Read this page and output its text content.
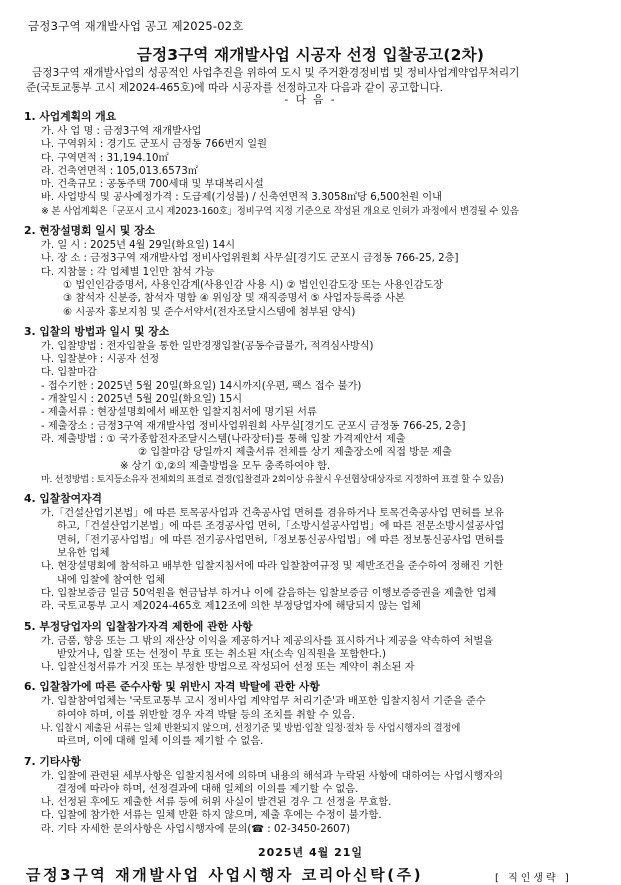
금정3구역 재개발사업 공고 제2025-02호
금정3구역 재개발사업 시공자 선정 입찰공고(2차)
금정3구역 재개발사업의 성공적인 사업추진을 위하여 도시 및 주거환경정비법 및 정비사업계약업무처리기
준(국토교통부 고시 제2024-465호)에 따라 시공자를 선정하고자 다음과 같이 공고합니다.
- 다 음 -
1. 사업계획의 개요
가. 사 업 명 : 금정3구역 재개발사업
나. 구역위치 : 경기도 군포시 금정동 766번지 일원
다. 구역면적 : 31,194.10㎡
라. 건축연면적 : 105,013.6573㎡
마. 건축규모 : 공동주택 700세대 및 부대복리시설
바. 사업방식 및 공사예정가격 : 도급제(기성불) / 신축연면적 3.3058㎡당 6,500천원 이내
※ 본 사업계획은「군포시 고시 제2023-160호」정비구역 지정 기준으로 작성된 개요로 인허가 과정에서 변경될 수 있음
2. 현장설명회 일시 및 장소
가. 일 시 : 2025년 4월 29일(화요일) 14시
나. 장 소 : 금정3구역 재개발사업 정비사업위원회 사무실[경기도 군포시 금정동 766-25, 2층]
다. 지참물 : 각 업체별 1인만 참석 가능
① 법인인감증명서, 사용인감계(사용인감 사용 시) ② 법인인감도장 또는 사용인감도장
③ 참석자 신분증, 참석자 명함 ④ 위임장 및 재직증명서 ⑤ 사업자등록증 사본
⑥ 시공자 홍보지침 및 준수서약서(전자조달시스템에 첨부된 양식)
3. 입찰의 방법과 일시 및 장소
가. 입찰방법 : 전자입찰을 통한 일반경쟁입찰(공동수급불가, 적격심사방식)
나. 입찰분야 : 시공자 선정
다. 입찰마감
- 접수기한 : 2025년 5월 20일(화요일) 14시까지(우편, 팩스 접수 불가)
- 개찰일시 : 2025년 5월 20일(화요일) 15시
- 제출서류 : 현장설명회에서 배포한 입찰지침서에 명기된 서류
- 제출장소 : 금정3구역 재개발사업 정비사업위원회 사무실[경기도 군포시 금정동 766-25, 2층]
라. 제출방법 : ① 국가종합전자조달시스템(나라장터)를 통해 입찰 가격제안서 제출
② 입찰마감 당일까지 제출서류 전체를 상기 제출장소에 직접 방문 제출
※ 상기 ①,②의 제출방법을 모두 충족하여야 함.
마. 선정방법 : 토지등소유자 전체회의 표결로 결정(입찰결과 2회이상 유찰시 우선협상대상자로 지정하여 표결 할 수 있음)
4. 입찰참여자격
가.「건설산업기본법」에 따른 토목공사업과 건축공사업 면허를 겸유하거나 토목건축공사업 면허를 보유
하고,「건설산업기본법」에 따른 조경공사업 면허,「소방시설공사업법」에 따른 전문소방시설공사업
면허,「전기공사업법」에 따른 전기공사업면허,「정보통신공사업법」에 따른 정보통신공사업 면허를
보유한 업체
나. 현장설명회에 참석하고 배부한 입찰지침서에 따라 입찰참여규정 및 제반조건을 준수하여 정해진 기한
내에 입찰에 참여한 업체
다. 입찰보증금 일금 50억원을 현금납부 하거나 이에 갈음하는 입찰보증금 이행보증증권을 제출한 업체
라. 국토교통부 고시 제2024-465호 제12조에 의한 부정당업자에 해당되지 않는 업체
5. 부정당업자의 입찰참가자격 제한에 관한 사항
가. 금품, 향응 또는 그 밖의 재산상 이익을 제공하거나 제공의사를 표시하거나 제공을 약속하여 처벌을
받았거나, 입찰 또는 선정이 무효 또는 취소된 자(소속 임직원을 포함한다.)
나. 입찰신청서류가 거짓 또는 부정한 방법으로 작성되어 선정 또는 계약이 취소된 자
6. 입찰참가에 따른 준수사항 및 위반시 자격 박탈에 관한 사항
가. 입찰참여업체는 '국토교통부 고시 정비사업 계약업무 처리기준'과 배포한 입찰지침서 기준을 준수
하여야 하며, 이를 위반할 경우 자격 박탈 등의 조치를 취할 수 있음.
나. 입찰시 제출된 서류는 일체 반환되지 않으며, 선정기준 및 방법·입찰 일정·절차 등 사업시행자의 결정에
따르며, 이에 대해 일체 이의를 제기할 수 없음.
7. 기타사항
가. 입찰에 관련된 세부사항은 입찰지침서에 의하며 내용의 해석과 누락된 사항에 대하여는 사업시행자의
결정에 따라야 하며, 선정결과에 대해 일체의 이의를 제기할 수 없음.
나. 선정된 후에도 제출한 서류 등에 허위 사실이 발견된 경우 그 선정을 무효함.
다. 입찰에 참가한 서류는 일체 반환 하지 않으며, 제출 후에는 수정이 불가함.
라. 기타 자세한 문의사항은 사업시행자에 문의(☎ : 02-3450-2607)
2025년 4월 21일
금정3구역 재개발사업 사업시행자 코리아신탁(주)	[ 직인생략 ]
